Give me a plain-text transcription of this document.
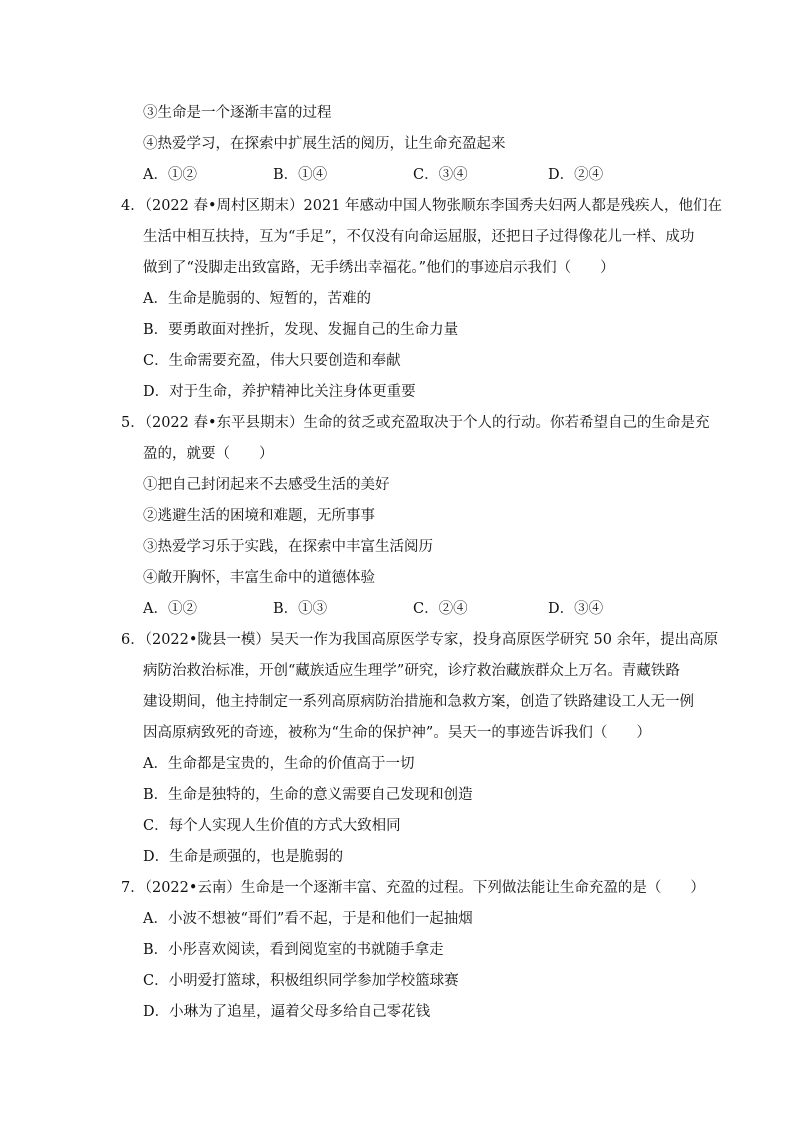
③生命是一个逐渐丰富的过程
④热爱学习，在探索中扩展生活的阅历，让生命充盈起来
A．①②	B．①④	C．③④	D．②④
4．（2022 春•周村区期末）2021 年感动中国人物张顺东李国秀夫妇两人都是残疾人，他们在
生活中相互扶持，互为“手足”，不仅没有向命运屈服，还把日子过得像花儿一样、成功
做到了“没脚走出致富路，无手绣出幸福花。”他们的事迹启示我们（　　）
A．生命是脆弱的、短暂的，苦难的
B．要勇敢面对挫折，发现、发掘自己的生命力量
C．生命需要充盈，伟大只要创造和奉献
D．对于生命，养护精神比关注身体更重要
5．（2022 春•东平县期末）生命的贫乏或充盈取决于个人的行动。你若希望自己的生命是充
盈的，就要（　　）
①把自己封闭起来不去感受生活的美好
②逃避生活的困境和难题，无所事事
③热爱学习乐于实践，在探索中丰富生活阅历
④敞开胸怀，丰富生命中的道德体验
A．①②	B．①③	C．②④	D．③④
6．（2022•陇县一模）吴天一作为我国高原医学专家，投身高原医学研究 50 余年，提出高原
病防治救治标准，开创“藏族适应生理学”研究，诊疗救治藏族群众上万名。青藏铁路
建设期间，他主持制定一系列高原病防治措施和急救方案，创造了铁路建设工人无一例
因高原病致死的奇迹，被称为“生命的保护神”。吴天一的事迹告诉我们（　　）
A．生命都是宝贵的，生命的价值高于一切
B．生命是独特的，生命的意义需要自己发现和创造
C．每个人实现人生价值的方式大致相同
D．生命是顽强的，也是脆弱的
7．（2022•云南）生命是一个逐渐丰富、充盈的过程。下列做法能让生命充盈的是（　　）
A．小波不想被“哥们”看不起，于是和他们一起抽烟
B．小彤喜欢阅读，看到阅览室的书就随手拿走
C．小明爱打篮球，积极组织同学参加学校篮球赛
D．小琳为了追星，逼着父母多给自己零花钱
